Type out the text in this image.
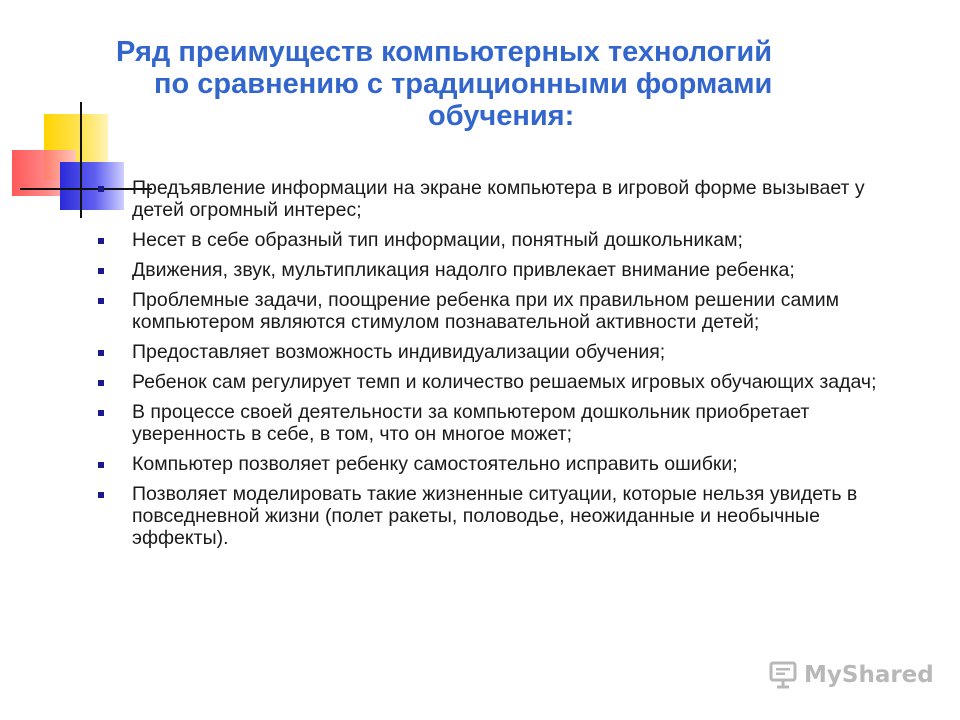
Ряд преимуществ компьютерных технологий
по сравнению с традиционными формами
обучения:
Предъявление информации на экране компьютера в игровой форме вызывает у детей огромный интерес;
Несет в себе образный тип информации, понятный дошкольникам;
Движения, звук, мультипликация надолго привлекает внимание ребенка;
Проблемные задачи, поощрение ребенка при их правильном решении самим компьютером являются стимулом познавательной активности детей;
Предоставляет возможность индивидуализации обучения;
Ребенок сам регулирует темп и количество решаемых игровых обучающих задач;
В процессе своей деятельности за компьютером дошкольник приобретает уверенность в себе, в том, что он многое может;
Компьютер позволяет ребенку самостоятельно исправить ошибки;
Позволяет моделировать такие жизненные ситуации, которые нельзя увидеть в повседневной жизни (полет ракеты, половодье, неожиданные и необычные эффекты).
MyShared
